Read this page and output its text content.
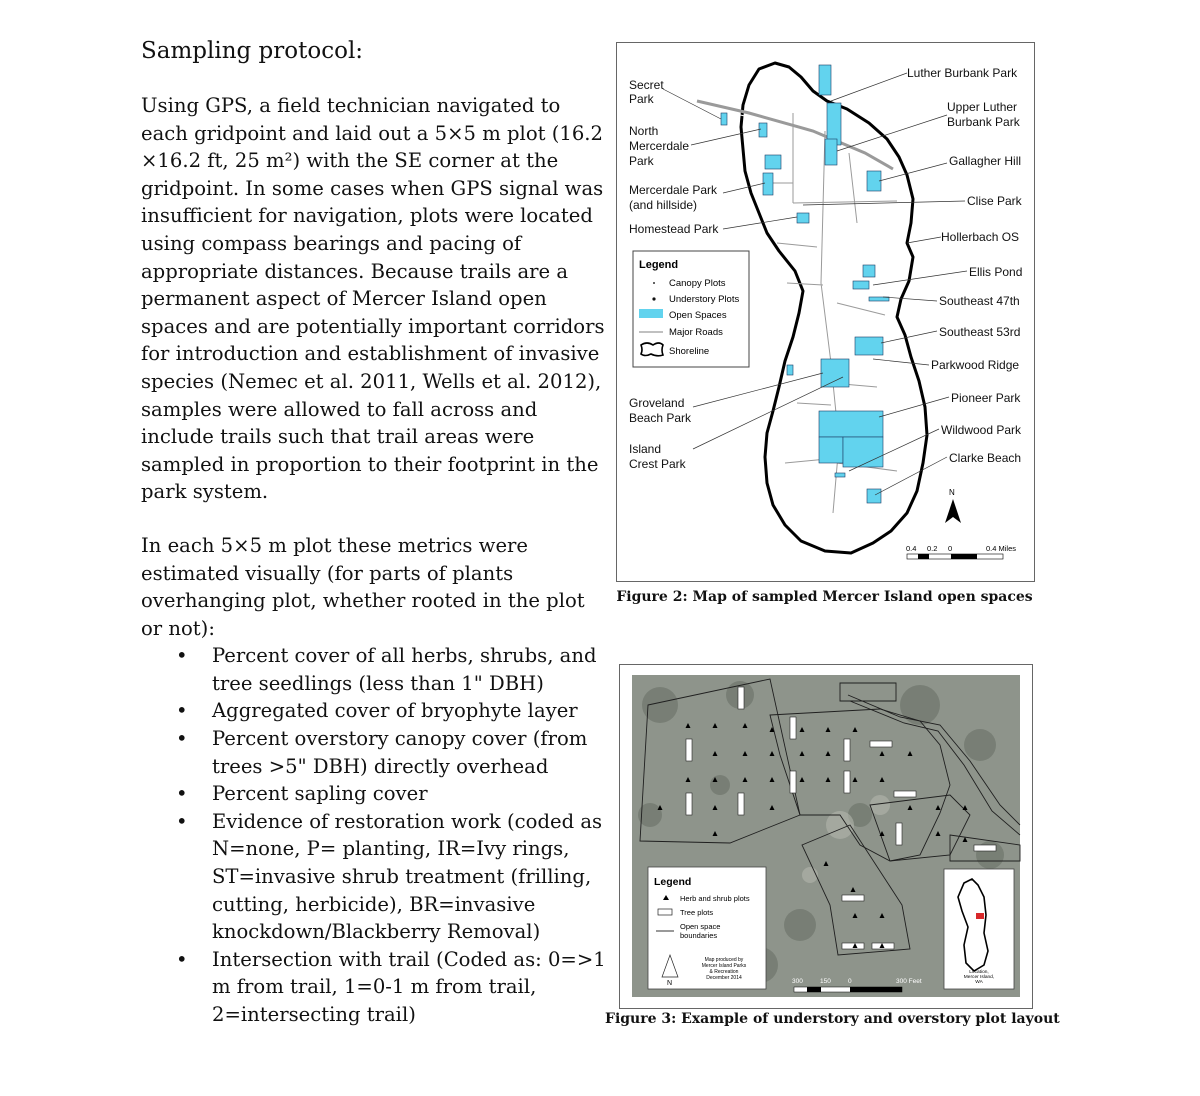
Sampling protocol:

Using GPS, a field technician navigated to each gridpoint and laid out a 5×5 m plot (16.2 ×16.2 ft, 25 m²) with the SE corner at the gridpoint. In some cases when GPS signal was insufficient for navigation, plots were located using compass bearings and pacing of appropriate distances. Because trails are a permanent aspect of Mercer Island open spaces and are potentially important corridors for introduction and establishment of invasive species (Nemec et al. 2011, Wells et al. 2012), samples were allowed to fall across and include trails such that trail areas were sampled in proportion to their footprint in the park system.

In each 5×5 m plot these metrics were estimated visually (for parts of plants overhanging plot, whether rooted in the plot or not):

• Percent cover of all herbs, shrubs, and tree seedlings (less than 1" DBH)
• Aggregated cover of bryophyte layer
• Percent overstory canopy cover (from trees >5" DBH) directly overhead
• Percent sapling cover
• Evidence of restoration work (coded as N=none, P= planting, IR=Ivy rings, ST=invasive shrub treatment (frilling, cutting, herbicide), BR=invasive knockdown/Blackberry Removal)
• Intersection with trail (Coded as: 0=>1 m from trail, 1=0-1 m from trail, 2=intersecting trail)
Secret
Park
North
Mercerdale
Park
Mercerdale Park
(and hillside)
Homestead Park
Groveland
Beach Park
Island
Crest Park
Luther Burbank Park
Upper Luther
Burbank Park
Gallagher Hill
Clise Park
Hollerbach OS
Ellis Pond
Southeast 47th
Southeast 53rd
Parkwood Ridge
Pioneer Park
Wildwood Park
Clarke Beach
Legend
Canopy Plots
Understory Plots
Open Spaces
Major Roads
Shoreline
N
0.4 0.2 0	0.4 Miles
Figure 2: Map of sampled Mercer Island open spaces
Legend
Herb and shrub plots
Tree plots
Open space
boundaries
N
Map produced by
Mercer Island Parks
& Recreation
December 2014	300	150	0	300 Feet
Location,
Mercer Island,
WA
Figure 3: Example of understory and overstory plot layout
